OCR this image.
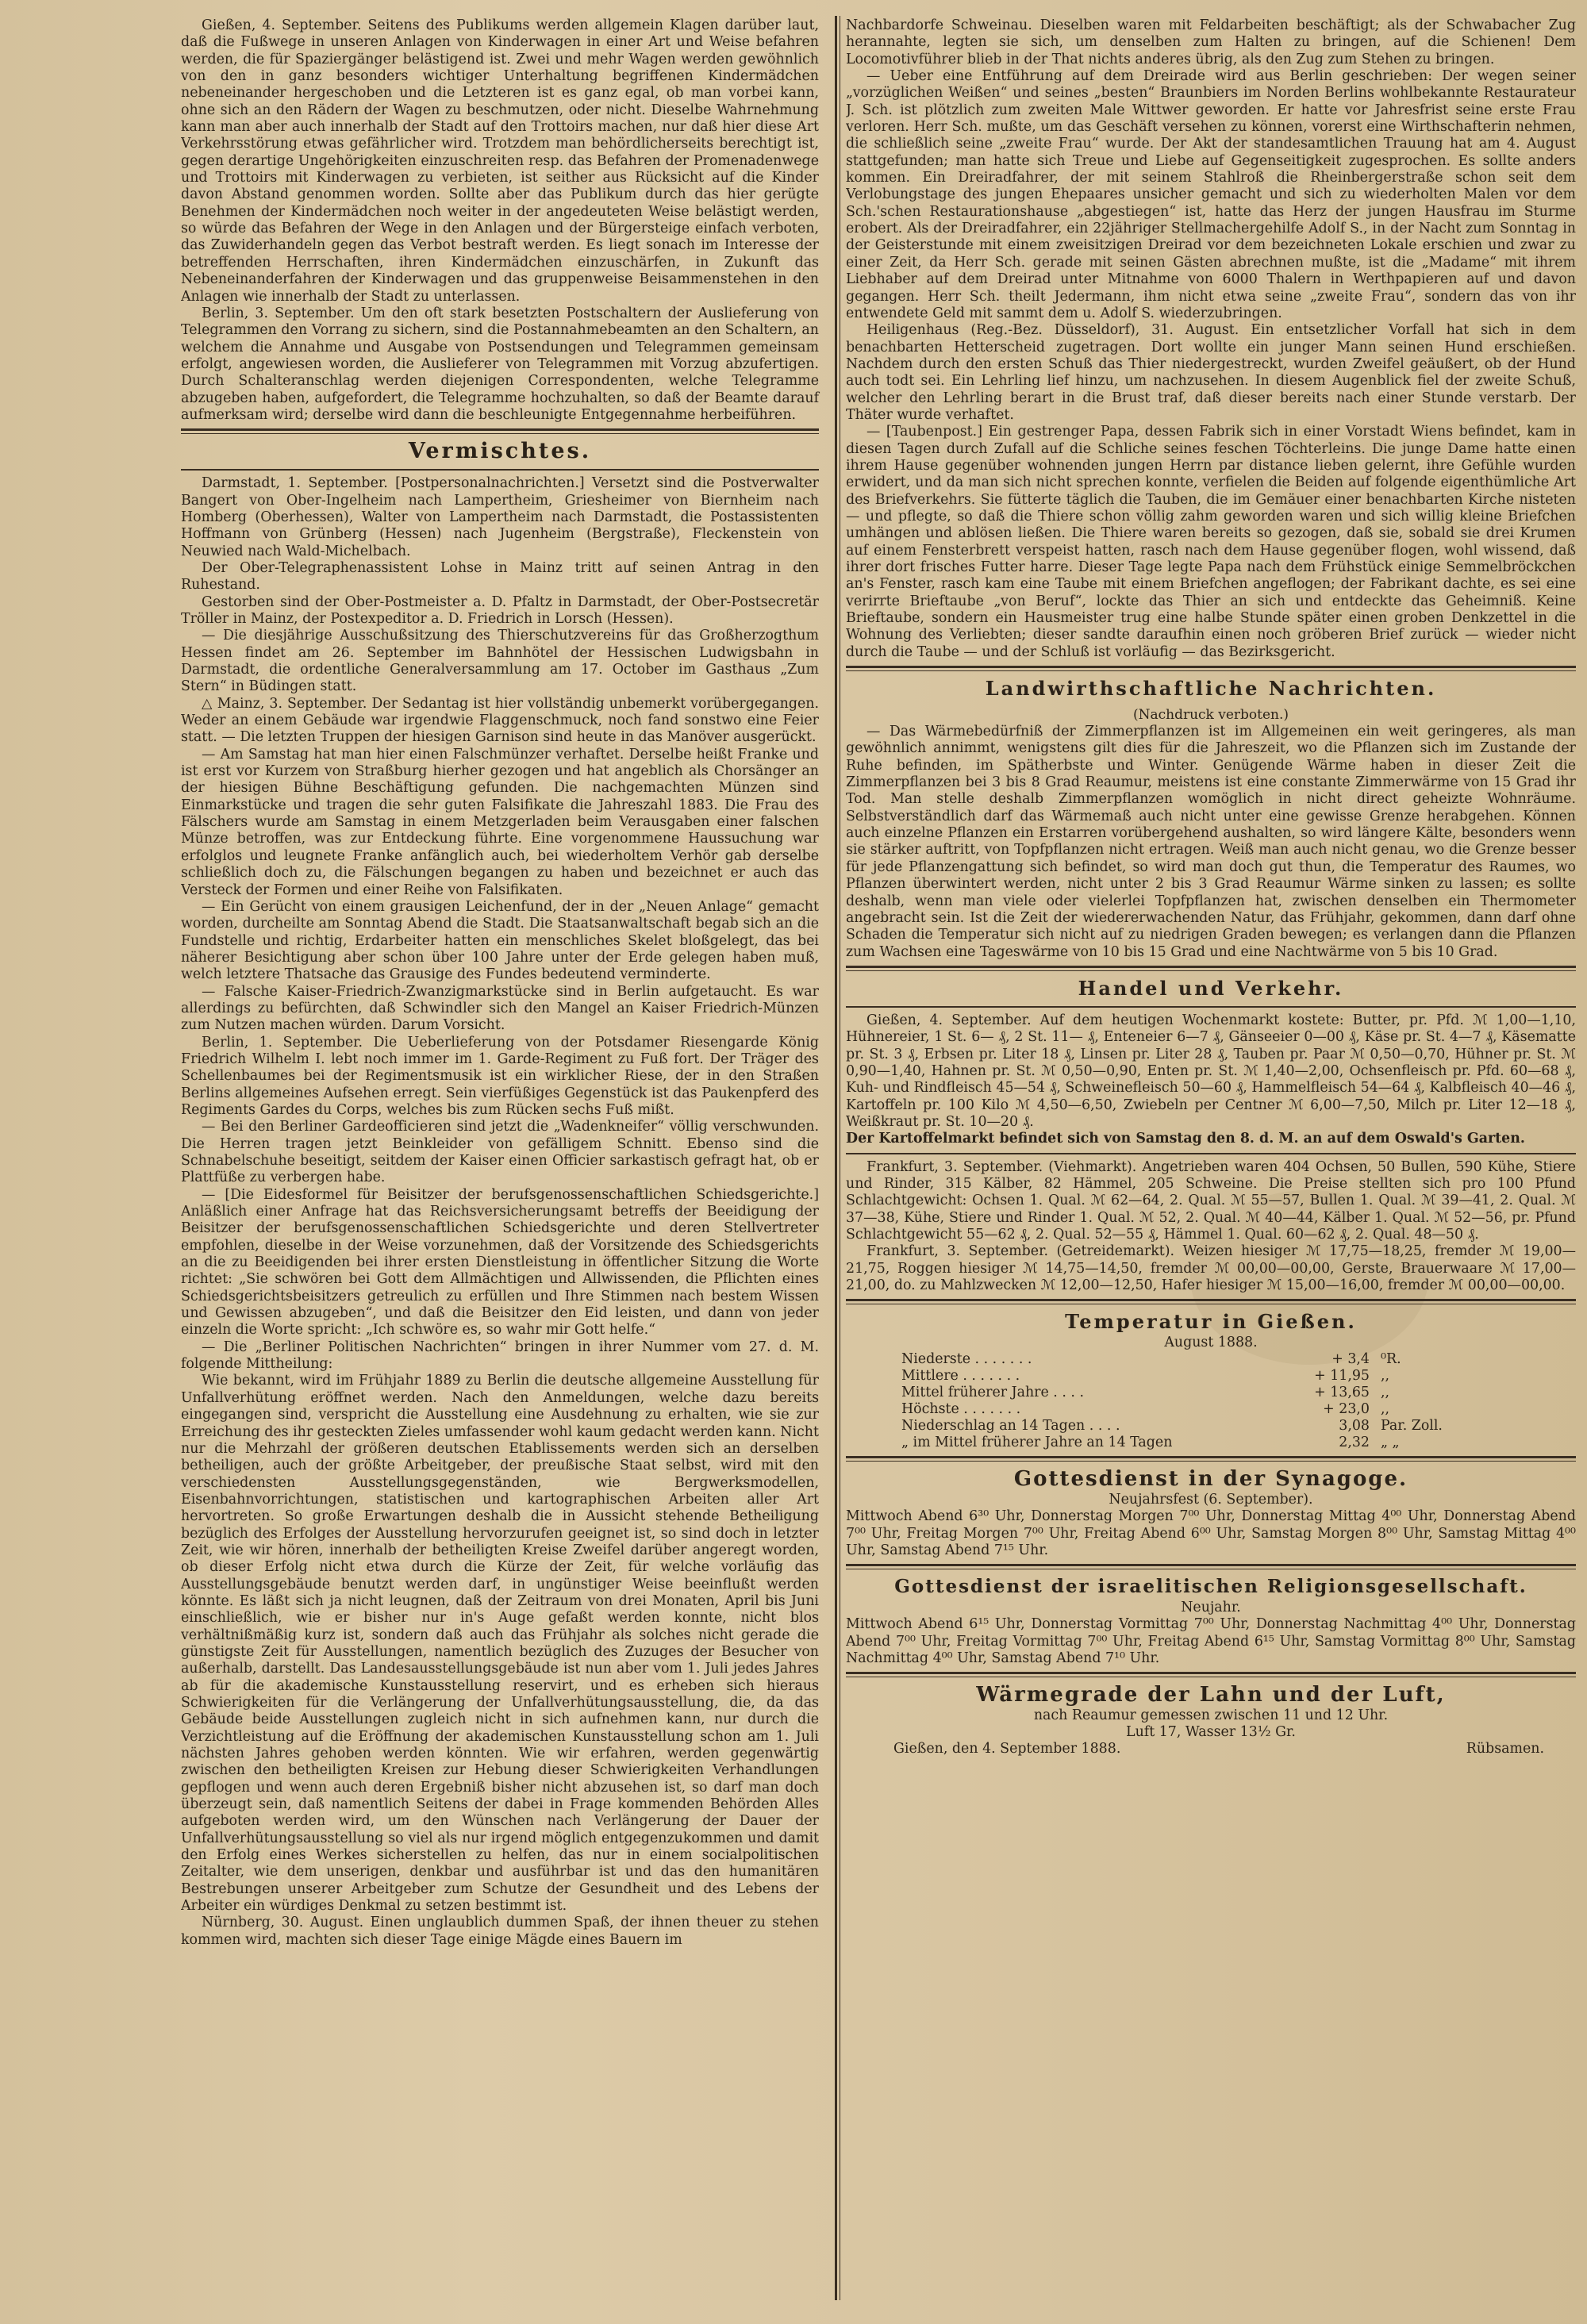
Gießen, 4. September. Seitens des Publikums werden allgemein Klagen darüber laut, daß die Fußwege in unseren Anlagen von Kinderwagen in einer Art und Weise befahren werden, die für Spaziergänger belästigend ist. Zwei und mehr Wagen werden gewöhnlich von den in ganz besonders wichtiger Unterhaltung begriffenen Kindermädchen nebeneinander hergeschoben und die Letzteren ist es ganz egal, ob man vorbei kann, ohne sich an den Rädern der Wagen zu beschmutzen, oder nicht. Dieselbe Wahrnehmung kann man aber auch innerhalb der Stadt auf den Trottoirs machen, nur daß hier diese Art Verkehrsstörung etwas gefährlicher wird. Trotzdem man behördlicherseits berechtigt ist, gegen derartige Ungehörigkeiten einzuschreiten resp. das Befahren der Promenadenwege und Trottoirs mit Kinderwagen zu verbieten, ist seither aus Rücksicht auf die Kinder davon Abstand genommen worden. Sollte aber das Publikum durch das hier gerügte Benehmen der Kindermädchen noch weiter in der angedeuteten Weise belästigt werden, so würde das Befahren der Wege in den Anlagen und der Bürgersteige einfach verboten, das Zuwiderhandeln gegen das Verbot bestraft werden. Es liegt sonach im Interesse der betreffenden Herrschaften, ihren Kindermädchen einzuschärfen, in Zukunft das Nebeneinanderfahren der Kinderwagen und das gruppenweise Beisammenstehen in den Anlagen wie innerhalb der Stadt zu unterlassen.

Berlin, 3. September. Um den oft stark besetzten Postschaltern der Auslieferung von Telegrammen den Vorrang zu sichern, sind die Postannahmebeamten an den Schaltern, an welchem die Annahme und Ausgabe von Postsendungen und Telegrammen gemeinsam erfolgt, angewiesen worden, die Auslieferer von Telegrammen mit Vorzug abzufertigen. Durch Schalteranschlag werden diejenigen Correspondenten, welche Telegramme abzugeben haben, aufgefordert, die Telegramme hochzuhalten, so daß der Beamte darauf aufmerksam wird; derselbe wird dann die beschleunigte Entgegennahme herbeiführen.

Vermischtes.

Darmstadt, 1. September. [Postpersonalnachrichten.] Versetzt sind die Postverwalter Bangert von Ober-Ingelheim nach Lampertheim, Griesheimer von Biernheim nach Homberg (Oberhessen), Walter von Lampertheim nach Darmstadt, die Postassistenten Hoffmann von Grünberg (Hessen) nach Jugenheim (Bergstraße), Fleckenstein von Neuwied nach Wald-Michelbach.

Der Ober-Telegraphenassistent Lohse in Mainz tritt auf seinen Antrag in den Ruhestand.

Gestorben sind der Ober-Postmeister a. D. Pfaltz in Darmstadt, der Ober-Postsecretär Tröller in Mainz, der Postexpeditor a. D. Friedrich in Lorsch (Hessen).

— Die diesjährige Ausschußsitzung des Thierschutzvereins für das Großherzogthum Hessen findet am 26. September im Bahnhötel der Hessischen Ludwigsbahn in Darmstadt, die ordentliche Generalversammlung am 17. October im Gasthaus „Zum Stern“ in Büdingen statt.

△ Mainz, 3. September. Der Sedantag ist hier vollständig unbemerkt vorübergegangen. Weder an einem Gebäude war irgendwie Flaggenschmuck, noch fand sonstwo eine Feier statt. — Die letzten Truppen der hiesigen Garnison sind heute in das Manöver ausgerückt.

— Am Samstag hat man hier einen Falschmünzer verhaftet. Derselbe heißt Franke und ist erst vor Kurzem von Straßburg hierher gezogen und hat angeblich als Chorsänger an der hiesigen Bühne Beschäftigung gefunden. Die nachgemachten Münzen sind Einmarkstücke und tragen die sehr guten Falsifikate die Jahreszahl 1883. Die Frau des Fälschers wurde am Samstag in einem Metzgerladen beim Verausgaben einer falschen Münze betroffen, was zur Entdeckung führte. Eine vorgenommene Haussuchung war erfolglos und leugnete Franke anfänglich auch, bei wiederholtem Verhör gab derselbe schließlich doch zu, die Fälschungen begangen zu haben und bezeichnet er auch das Versteck der Formen und einer Reihe von Falsifikaten.

— Ein Gerücht von einem grausigen Leichenfund, der in der „Neuen Anlage“ gemacht worden, durcheilte am Sonntag Abend die Stadt. Die Staatsanwaltschaft begab sich an die Fundstelle und richtig, Erdarbeiter hatten ein menschliches Skelet bloßgelegt, das bei näherer Besichtigung aber schon über 100 Jahre unter der Erde gelegen haben muß, welch letztere Thatsache das Grausige des Fundes bedeutend verminderte.

— Falsche Kaiser-Friedrich-Zwanzigmarkstücke sind in Berlin aufgetaucht. Es war allerdings zu befürchten, daß Schwindler sich den Mangel an Kaiser Friedrich-Münzen zum Nutzen machen würden. Darum Vorsicht.

Berlin, 1. September. Die Ueberlieferung von der Potsdamer Riesengarde König Friedrich Wilhelm I. lebt noch immer im 1. Garde-Regiment zu Fuß fort. Der Träger des Schellenbaumes bei der Regimentsmusik ist ein wirklicher Riese, der in den Straßen Berlins allgemeines Aufsehen erregt. Sein vierfüßiges Gegenstück ist das Paukenpferd des Regiments Gardes du Corps, welches bis zum Rücken sechs Fuß mißt.

— Bei den Berliner Gardeofficieren sind jetzt die „Wadenkneifer“ völlig verschwunden. Die Herren tragen jetzt Beinkleider von gefälligem Schnitt. Ebenso sind die Schnabelschuhe beseitigt, seitdem der Kaiser einen Officier sarkastisch gefragt hat, ob er Plattfüße zu verbergen habe.

— [Die Eidesformel für Beisitzer der berufsgenossenschaftlichen Schiedsgerichte.] Anläßlich einer Anfrage hat das Reichsversicherungsamt betreffs der Beeidigung der Beisitzer der berufsgenossenschaftlichen Schiedsgerichte und deren Stellvertreter empfohlen, dieselbe in der Weise vorzunehmen, daß der Vorsitzende des Schiedsgerichts an die zu Beeidigenden bei ihrer ersten Dienstleistung in öffentlicher Sitzung die Worte richtet: „Sie schwören bei Gott dem Allmächtigen und Allwissenden, die Pflichten eines Schiedsgerichtsbeisitzers getreulich zu erfüllen und Ihre Stimmen nach bestem Wissen und Gewissen abzugeben“, und daß die Beisitzer den Eid leisten, und dann von jeder einzeln die Worte spricht: „Ich schwöre es, so wahr mir Gott helfe.“

— Die „Berliner Politischen Nachrichten“ bringen in ihrer Nummer vom 27. d. M. folgende Mittheilung:

Wie bekannt, wird im Frühjahr 1889 zu Berlin die deutsche allgemeine Ausstellung für Unfallverhütung eröffnet werden. Nach den Anmeldungen, welche dazu bereits eingegangen sind, verspricht die Ausstellung eine Ausdehnung zu erhalten, wie sie zur Erreichung des ihr gesteckten Zieles umfassender wohl kaum gedacht werden kann. Nicht nur die Mehrzahl der größeren deutschen Etablissements werden sich an derselben betheiligen, auch der größte Arbeitgeber, der preußische Staat selbst, wird mit den verschiedensten Ausstellungsgegenständen, wie Bergwerksmodellen, Eisenbahnvorrichtungen, statistischen und kartographischen Arbeiten aller Art hervortreten. So große Erwartungen deshalb die in Aussicht stehende Betheiligung bezüglich des Erfolges der Ausstellung hervorzurufen geeignet ist, so sind doch in letzter Zeit, wie wir hören, innerhalb der betheiligten Kreise Zweifel darüber angeregt worden, ob dieser Erfolg nicht etwa durch die Kürze der Zeit, für welche vorläufig das Ausstellungsgebäude benutzt werden darf, in ungünstiger Weise beeinflußt werden könnte. Es läßt sich ja nicht leugnen, daß der Zeitraum von drei Monaten, April bis Juni einschließlich, wie er bisher nur in's Auge gefaßt werden konnte, nicht blos verhältnißmäßig kurz ist, sondern daß auch das Frühjahr als solches nicht gerade die günstigste Zeit für Ausstellungen, namentlich bezüglich des Zuzuges der Besucher von außerhalb, darstellt. Das Landesausstellungsgebäude ist nun aber vom 1. Juli jedes Jahres ab für die akademische Kunstausstellung reservirt, und es erheben sich hieraus Schwierigkeiten für die Verlängerung der Unfallverhütungsausstellung, die, da das Gebäude beide Ausstellungen zugleich nicht in sich aufnehmen kann, nur durch die Verzichtleistung auf die Eröffnung der akademischen Kunstausstellung schon am 1. Juli nächsten Jahres gehoben werden könnten. Wie wir erfahren, werden gegenwärtig zwischen den betheiligten Kreisen zur Hebung dieser Schwierigkeiten Verhandlungen gepflogen und wenn auch deren Ergebniß bisher nicht abzusehen ist, so darf man doch überzeugt sein, daß namentlich Seitens der dabei in Frage kommenden Behörden Alles aufgeboten werden wird, um den Wünschen nach Verlängerung der Dauer der Unfallverhütungsausstellung so viel als nur irgend möglich entgegenzukommen und damit den Erfolg eines Werkes sicherstellen zu helfen, das nur in einem socialpolitischen Zeitalter, wie dem unserigen, denkbar und ausführbar ist und das den humanitären Bestrebungen unserer Arbeitgeber zum Schutze der Gesundheit und des Lebens der Arbeiter ein würdiges Denkmal zu setzen bestimmt ist.

Nürnberg, 30. August. Einen unglaublich dummen Spaß, der ihnen theuer zu stehen kommen wird, machten sich dieser Tage einige Mägde eines Bauern im

Nachbardorfe Schweinau. Dieselben waren mit Feldarbeiten beschäftigt; als der Schwabacher Zug herannahte, legten sie sich, um denselben zum Halten zu bringen, auf die Schienen! Dem Locomotivführer blieb in der That nichts anderes übrig, als den Zug zum Stehen zu bringen.

— Ueber eine Entführung auf dem Dreirade wird aus Berlin geschrieben: Der wegen seiner „vorzüglichen Weißen“ und seines „besten“ Braunbiers im Norden Berlins wohlbekannte Restaurateur J. Sch. ist plötzlich zum zweiten Male Wittwer geworden. Er hatte vor Jahresfrist seine erste Frau verloren. Herr Sch. mußte, um das Geschäft versehen zu können, vorerst eine Wirthschafterin nehmen, die schließlich seine „zweite Frau“ wurde. Der Akt der standesamtlichen Trauung hat am 4. August stattgefunden; man hatte sich Treue und Liebe auf Gegenseitigkeit zugesprochen. Es sollte anders kommen. Ein Dreiradfahrer, der mit seinem Stahlroß die Rheinbergerstraße schon seit dem Verlobungstage des jungen Ehepaares unsicher gemacht und sich zu wiederholten Malen vor dem Sch.'schen Restaurationshause „abgestiegen“ ist, hatte das Herz der jungen Hausfrau im Sturme erobert. Als der Dreiradfahrer, ein 22jähriger Stellmachergehilfe Adolf S., in der Nacht zum Sonntag in der Geisterstunde mit einem zweisitzigen Dreirad vor dem bezeichneten Lokale erschien und zwar zu einer Zeit, da Herr Sch. gerade mit seinen Gästen abrechnen mußte, ist die „Madame“ mit ihrem Liebhaber auf dem Dreirad unter Mitnahme von 6000 Thalern in Werthpapieren auf und davon gegangen. Herr Sch. theilt Jedermann, ihm nicht etwa seine „zweite Frau“, sondern das von ihr entwendete Geld mit sammt dem u. Adolf S. wiederzubringen.

Heiligenhaus (Reg.-Bez. Düsseldorf), 31. August. Ein entsetzlicher Vorfall hat sich in dem benachbarten Hetterscheid zugetragen. Dort wollte ein junger Mann seinen Hund erschießen. Nachdem durch den ersten Schuß das Thier niedergestreckt, wurden Zweifel geäußert, ob der Hund auch todt sei. Ein Lehrling lief hinzu, um nachzusehen. In diesem Augenblick fiel der zweite Schuß, welcher den Lehrling berart in die Brust traf, daß dieser bereits nach einer Stunde verstarb. Der Thäter wurde verhaftet.

— [Taubenpost.] Ein gestrenger Papa, dessen Fabrik sich in einer Vorstadt Wiens befindet, kam in diesen Tagen durch Zufall auf die Schliche seines feschen Töchterleins. Die junge Dame hatte einen ihrem Hause gegenüber wohnenden jungen Herrn par distance lieben gelernt, ihre Gefühle wurden erwidert, und da man sich nicht sprechen konnte, verfielen die Beiden auf folgende eigenthümliche Art des Briefverkehrs. Sie fütterte täglich die Tauben, die im Gemäuer einer benachbarten Kirche nisteten — und pflegte, so daß die Thiere schon völlig zahm geworden waren und sich willig kleine Briefchen umhängen und ablösen ließen. Die Thiere waren bereits so gezogen, daß sie, sobald sie drei Krumen auf einem Fensterbrett verspeist hatten, rasch nach dem Hause gegenüber flogen, wohl wissend, daß ihrer dort frisches Futter harre. Dieser Tage legte Papa nach dem Frühstück einige Semmelbröckchen an's Fenster, rasch kam eine Taube mit einem Briefchen angeflogen; der Fabrikant dachte, es sei eine verirrte Brieftaube „von Beruf“, lockte das Thier an sich und entdeckte das Geheimniß. Keine Brieftaube, sondern ein Hausmeister trug eine halbe Stunde später einen groben Denkzettel in die Wohnung des Verliebten; dieser sandte daraufhin einen noch gröberen Brief zurück — wieder nicht durch die Taube — und der Schluß ist vorläufig — das Bezirksgericht.

Landwirthschaftliche Nachrichten.
(Nachdruck verboten.)

— Das Wärmebedürfniß der Zimmerpflanzen ist im Allgemeinen ein weit geringeres, als man gewöhnlich annimmt, wenigstens gilt dies für die Jahreszeit, wo die Pflanzen sich im Zustande der Ruhe befinden, im Spätherbste und Winter. Genügende Wärme haben in dieser Zeit die Zimmerpflanzen bei 3 bis 8 Grad Reaumur, meistens ist eine constante Zimmerwärme von 15 Grad ihr Tod. Man stelle deshalb Zimmerpflanzen womöglich in nicht direct geheizte Wohnräume. Selbstverständlich darf das Wärmemaß auch nicht unter eine gewisse Grenze herabgehen. Können auch einzelne Pflanzen ein Erstarren vorübergehend aushalten, so wird längere Kälte, besonders wenn sie stärker auftritt, von Topfpflanzen nicht ertragen. Weiß man auch nicht genau, wo die Grenze besser für jede Pflanzengattung sich befindet, so wird man doch gut thun, die Temperatur des Raumes, wo Pflanzen überwintert werden, nicht unter 2 bis 3 Grad Reaumur Wärme sinken zu lassen; es sollte deshalb, wenn man viele oder vielerlei Topfpflanzen hat, zwischen denselben ein Thermometer angebracht sein. Ist die Zeit der wiedererwachenden Natur, das Frühjahr, gekommen, dann darf ohne Schaden die Temperatur sich nicht auf zu niedrigen Graden bewegen; es verlangen dann die Pflanzen zum Wachsen eine Tageswärme von 10 bis 15 Grad und eine Nachtwärme von 5 bis 10 Grad.

Handel und Verkehr.

Gießen, 4. September. Auf dem heutigen Wochenmarkt kostete: Butter, pr. Pfd. ℳ 1,00—1,10, Hühnereier, 1 St. 6— ₰, 2 St. 11— ₰, Enteneier 6—7 ₰, Gänseeier 0—00 ₰, Käse pr. St. 4—7 ₰, Käsematte pr. St. 3 ₰, Erbsen pr. Liter 18 ₰, Linsen pr. Liter 28 ₰, Tauben pr. Paar ℳ 0,50—0,70, Hühner pr. St. ℳ 0,90—1,40, Hahnen pr. St. ℳ 0,50—0,90, Enten pr. St. ℳ 1,40—2,00, Ochsenfleisch pr. Pfd. 60—68 ₰, Kuh- und Rindfleisch 45—54 ₰, Schweinefleisch 50—60 ₰, Hammelfleisch 54—64 ₰, Kalbfleisch 40—46 ₰, Kartoffeln pr. 100 Kilo ℳ 4,50—6,50, Zwiebeln per Centner ℳ 6,00—7,50, Milch pr. Liter 12—18 ₰, Weißkraut pr. St. 10—20 ₰.

Der Kartoffelmarkt befindet sich von Samstag den 8. d. M. an auf dem Oswald's Garten.

Frankfurt, 3. September. (Viehmarkt). Angetrieben waren 404 Ochsen, 50 Bullen, 590 Kühe, Stiere und Rinder, 315 Kälber, 82 Hämmel, 205 Schweine. Die Preise stellten sich pro 100 Pfund Schlachtgewicht: Ochsen 1. Qual. ℳ 62—64, 2. Qual. ℳ 55—57, Bullen 1. Qual. ℳ 39—41, 2. Qual. ℳ 37—38, Kühe, Stiere und Rinder 1. Qual. ℳ 52, 2. Qual. ℳ 40—44, Kälber 1. Qual. ℳ 52—56, pr. Pfund Schlachtgewicht 55—62 ₰, 2. Qual. 52—55 ₰, Hämmel 1. Qual. 60—62 ₰, 2. Qual. 48—50 ₰.

Frankfurt, 3. September. (Getreidemarkt). Weizen hiesiger ℳ 17,75—18,25, fremder ℳ 19,00—21,75, Roggen hiesiger ℳ 14,75—14,50, fremder ℳ 00,00—00,00, Gerste, Brauerwaare ℳ 17,00—21,00, do. zu Mahlzwecken ℳ 12,00—12,50, Hafer hiesiger ℳ 15,00—16,00, fremder ℳ 00,00—00,00.

Temperatur in Gießen.
August 1888.
Niederste . . . . . . .	+ 3,4 ⁰R.
Mittlere . . . . . . .	+ 11,95 ,,
Mittel früherer Jahre . . . .	+ 13,65 ,,
Höchste . . . . . . .	+ 23,0 ,,
Niederschlag an 14 Tagen . . . .	3,08 Par. Zoll.
„ im Mittel früherer Jahre an 14 Tagen	2,32 „ „
Gottesdienst in der Synagoge.
Neujahrsfest (6. September).

Mittwoch Abend 6³⁰ Uhr, Donnerstag Morgen 7⁰⁰ Uhr, Donnerstag Mittag 4⁰⁰ Uhr, Donnerstag Abend 7⁰⁰ Uhr, Freitag Morgen 7⁰⁰ Uhr, Freitag Abend 6⁰⁰ Uhr, Samstag Morgen 8⁰⁰ Uhr, Samstag Mittag 4⁰⁰ Uhr, Samstag Abend 7¹⁵ Uhr.

Gottesdienst der israelitischen Religionsgesellschaft.
Neujahr.

Mittwoch Abend 6¹⁵ Uhr, Donnerstag Vormittag 7⁰⁰ Uhr, Donnerstag Nachmittag 4⁰⁰ Uhr, Donnerstag Abend 7⁰⁰ Uhr, Freitag Vormittag 7⁰⁰ Uhr, Freitag Abend 6¹⁵ Uhr, Samstag Vormittag 8⁰⁰ Uhr, Samstag Nachmittag 4⁰⁰ Uhr, Samstag Abend 7¹⁰ Uhr.

Wärmegrade der Lahn und der Luft,
nach Reaumur gemessen zwischen 11 und 12 Uhr.
Luft 17, Wasser 13½ Gr.
Gießen, den 4. September 1888.	Rübsamen.
